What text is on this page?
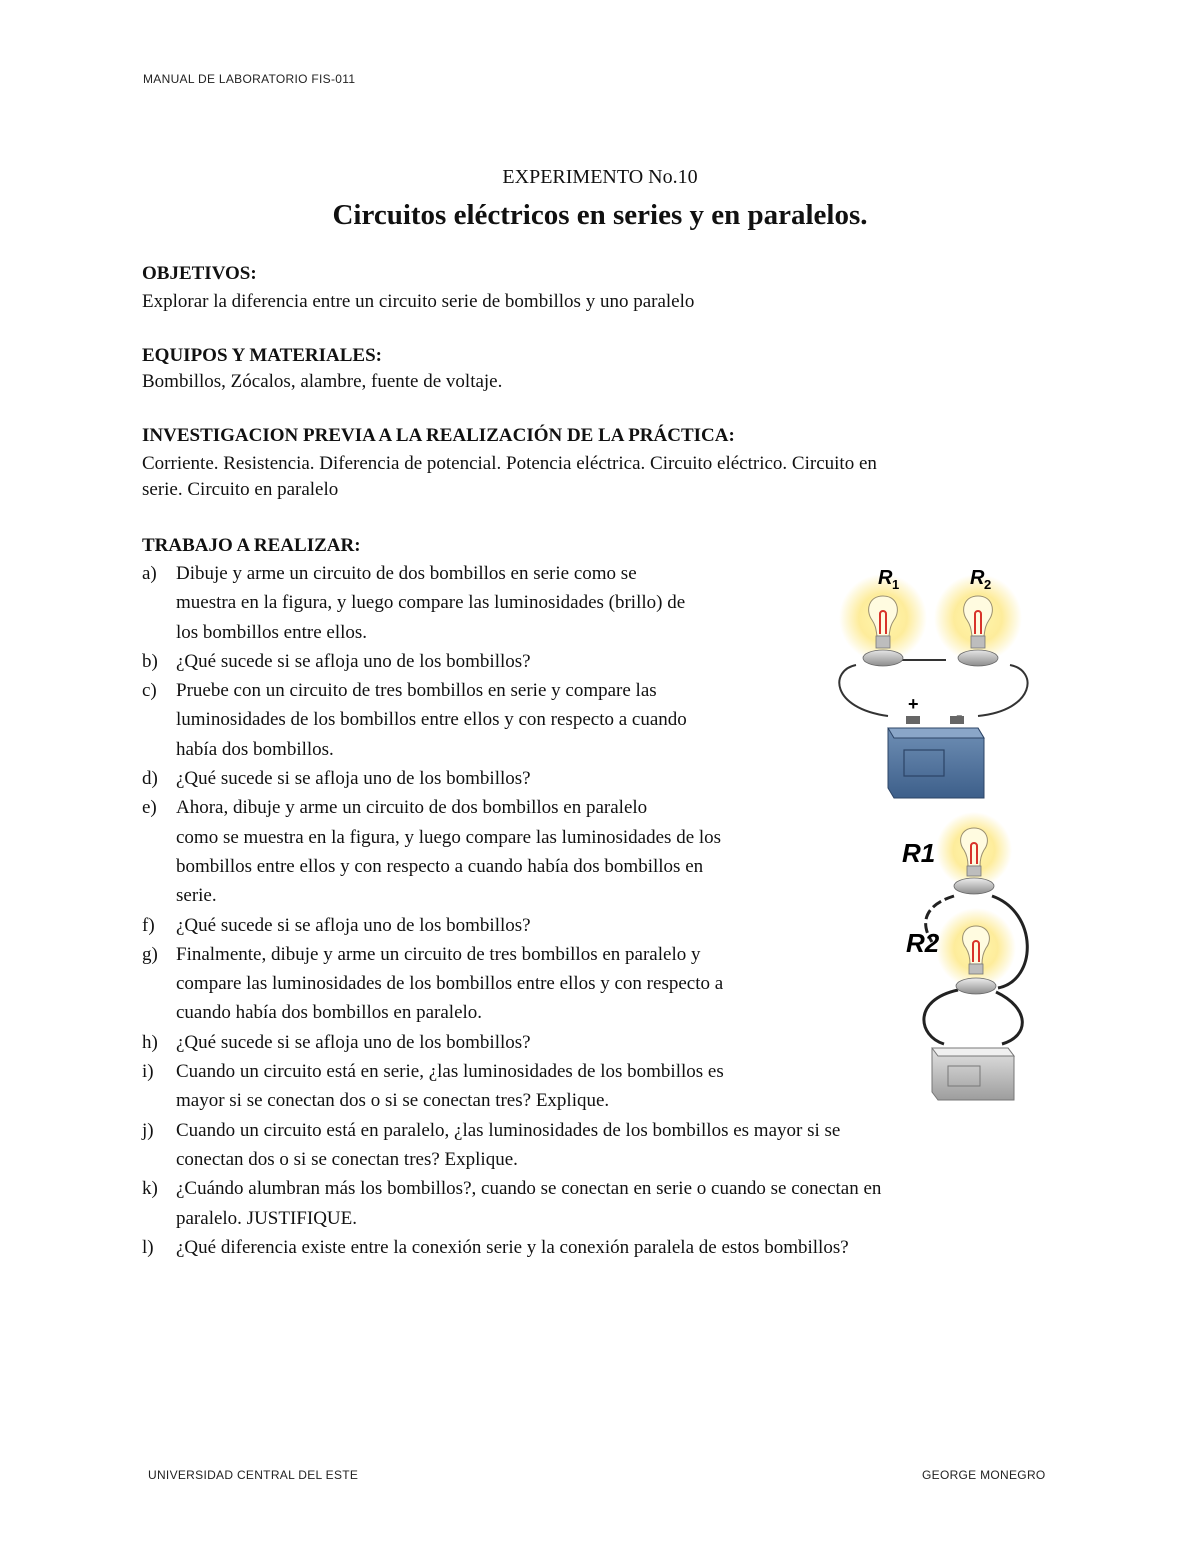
MANUAL DE LABORATORIO FIS-011
EXPERIMENTO No.10
Circuitos eléctricos en series y en paralelos.
OBJETIVOS:
Explorar la diferencia entre un circuito serie de bombillos y uno paralelo
EQUIPOS Y MATERIALES:
Bombillos, Zócalos, alambre, fuente de voltaje.
INVESTIGACION PREVIA A LA REALIZACIÓN DE LA PRÁCTICA:
Corriente. Resistencia. Diferencia de potencial. Potencia eléctrica. Circuito eléctrico. Circuito en
serie. Circuito en paralelo
TRABAJO A REALIZAR:
a)	Dibuje y arme un circuito de dos bombillos en serie como se
muestra en la figura, y luego compare las luminosidades (brillo) de
los bombillos entre ellos.
b) ¿Qué sucede si se afloja uno de los bombillos?
c)	Pruebe con un circuito de tres bombillos en serie y compare las
luminosidades de los bombillos entre ellos y con respecto a cuando
había dos bombillos.
d) ¿Qué sucede si se afloja uno de los bombillos?
e)	Ahora, dibuje y arme un circuito de dos bombillos en paralelo
como se muestra en la figura, y luego compare las luminosidades de los
bombillos entre ellos y con respecto a cuando había dos bombillos en
serie.
f)	¿Qué sucede si se afloja uno de los bombillos?
g) Finalmente, dibuje y arme un circuito de tres bombillos en paralelo y
compare las luminosidades de los bombillos entre ellos y con respecto a
cuando había dos bombillos en paralelo.
h) ¿Qué sucede si se afloja uno de los bombillos?
i)	Cuando un circuito está en serie, ¿las luminosidades de los bombillos es
mayor si se conectan dos o si se conectan tres? Explique.
j)	Cuando un circuito está en paralelo, ¿las luminosidades de los bombillos es mayor si se
conectan dos o si se conectan tres? Explique.
k) ¿Cuándo alumbran más los bombillos?, cuando se conectan en serie o cuando se conectan en
paralelo. JUSTIFIQUE.
l)	¿Qué diferencia existe entre la conexión serie y la conexión paralela de estos bombillos?
R 1	R 2
+
R1
R2
UNIVERSIDAD CENTRAL DEL ESTE	GEORGE MONEGRO
